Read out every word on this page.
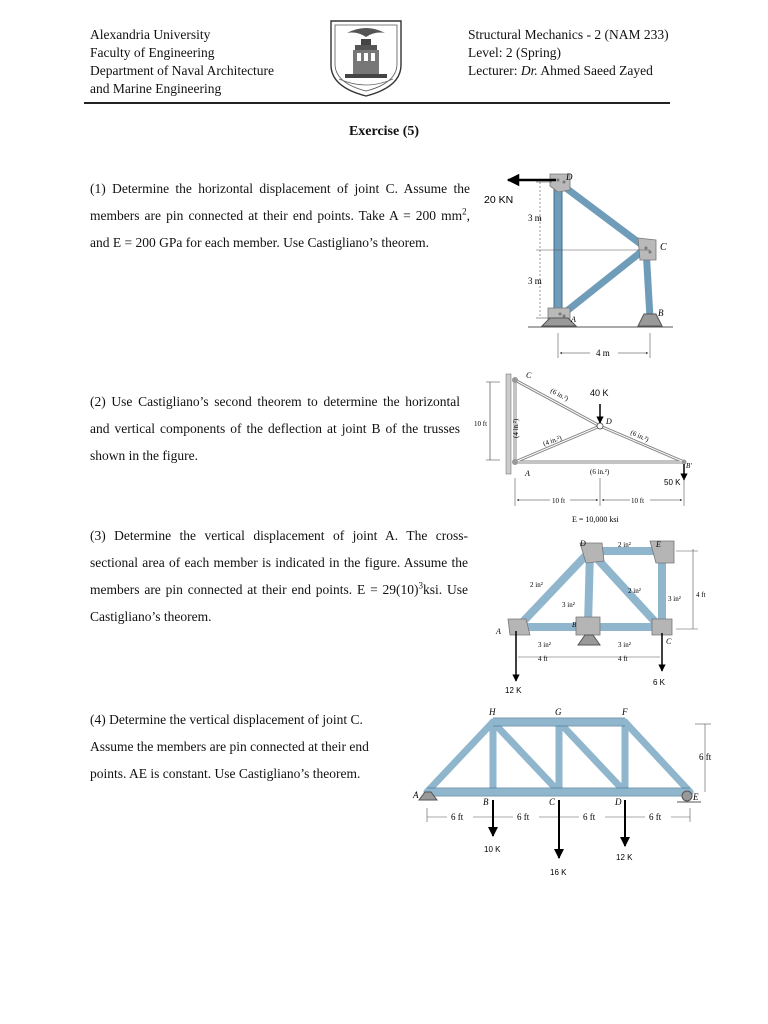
Alexandria University
Faculty of Engineering
Department of Naval Architecture
and Marine Engineering
Structural Mechanics - 2 (NAM 233)
Level: 2 (Spring)
Lecturer: Dr. Ahmed Saeed Zayed
Exercise (5)
(1) Determine the horizontal displacement of joint C. Assume the members are pin connected at their end points. Take A = 200 $mm^2$, and E = 200 GPa for each member. Use Castigliano’s theorem.
20 KN
3 m
3 m
4 m
D
C
B
A
(2) Use Castigliano’s second theorem to determine the horizontal and vertical components of the deflection at joint B of the trusses shown in the figure.
40 K
50 K
C
A
D
B′
(6 in.²)
(6 in.²)
(4 in.²)
(6 in.²)
(4 in.²)
10 ft
10 ft	10 ft
E = 10,000 ksi
(3) Determine the vertical displacement of joint A. The cross-sectional area of each member is indicated in the figure. Assume the members are pin connected at their end points. $E = 29(10)^3ksi$. Use Castigliano’s theorem.
D	E
A
B
C
2 in²
2 in²
2 in²
3 in²
3 in²
3 in²	3 in²
4 ft
4 ft	4 ft
12 K
6 K
(4) Determine the vertical displacement of joint C. Assume the members are pin connected at their end points. AE is constant. Use Castigliano’s theorem.
H	G	F
A
B	C	D	E
6 ft
6 ft	6 ft	6 ft	6 ft
10 K
16 K
12 K
